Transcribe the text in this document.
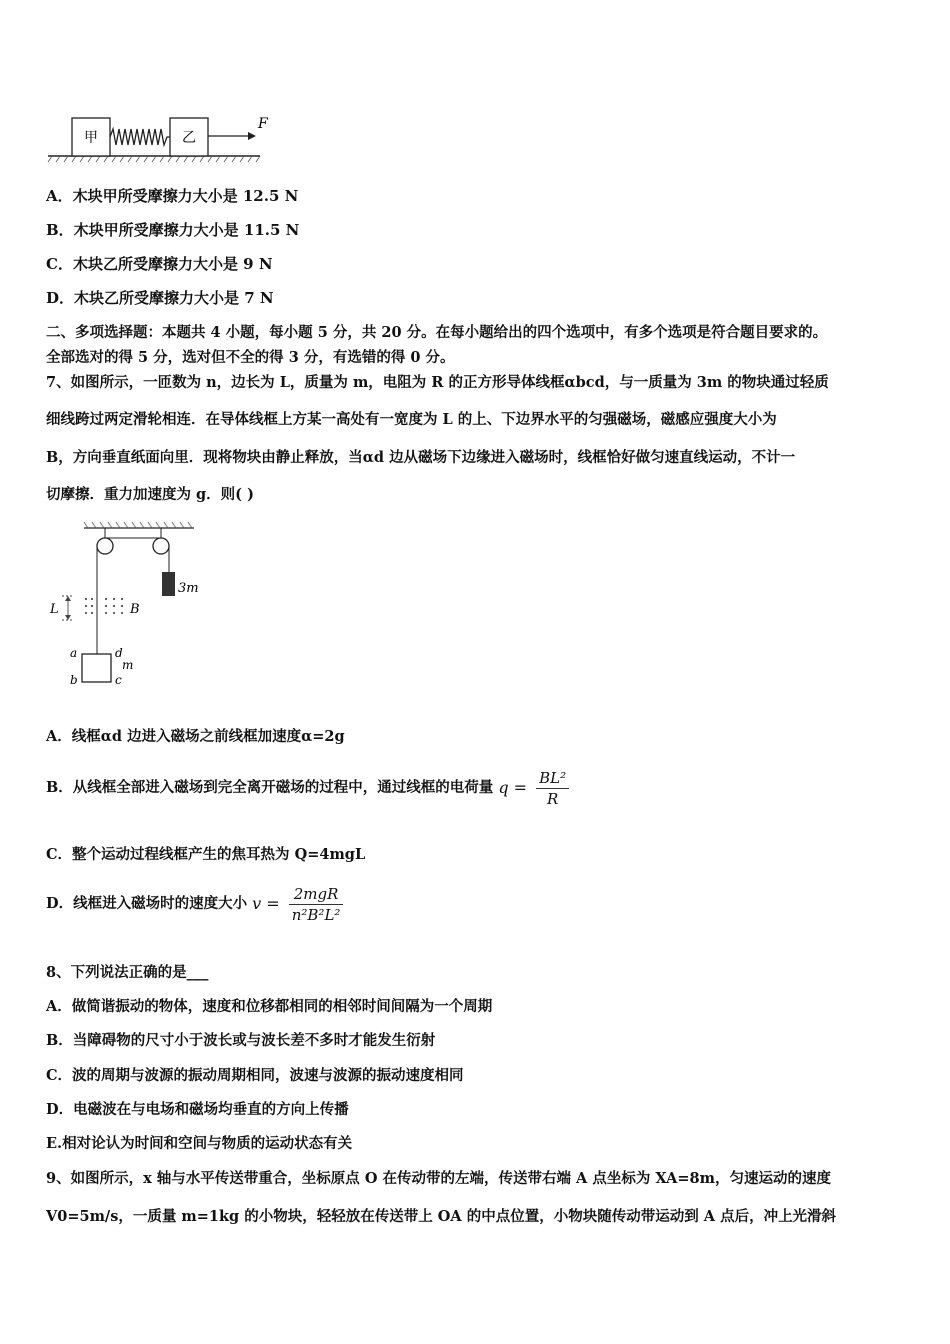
甲	乙
F
A．木块甲所受摩擦力大小是 12.5 N
B．木块甲所受摩擦力大小是 11.5 N
C．木块乙所受摩擦力大小是 9 N
D．木块乙所受摩擦力大小是 7 N
二、多项选择题：本题共 4 小题，每小题 5 分，共 20 分。在每小题给出的四个选项中，有多个选项是符合题目要求的。
全部选对的得 5 分，选对但不全的得 3 分，有选错的得 0 分。
7、如图所示，一匝数为 n，边长为 L，质量为 m，电阻为 R 的正方形导体线框αbcd，与一质量为 3m 的物块通过轻质
细线跨过两定滑轮相连．在导体线框上方某一高处有一宽度为 L 的上、下边界水平的匀强磁场，磁感应强度大小为
B，方向垂直纸面向里．现将物块由静止释放，当αd 边从磁场下边缘进入磁场时，线框恰好做匀速直线运动，不计一
切摩擦．重力加速度为 g．则( )
3m
L	B
a
b	c
d
m
A．线框αd 边进入磁场之前线框加速度α=2g
B．从线框全部进入磁场到完全离开磁场的过程中，通过线框的电荷量 $q = \frac{\text{BL²}}{R}$
C．整个运动过程线框产生的焦耳热为 Q=4mgL
D．线框进入磁场时的速度大小 $v = \frac{\text{2mgR}}{\text{n²B²L²}}$
8、下列说法正确的是___
A．做简谐振动的物体，速度和位移都相同的相邻时间间隔为一个周期
B．当障碍物的尺寸小于波长或与波长差不多时才能发生衍射
C．波的周期与波源的振动周期相同，波速与波源的振动速度相同
D．电磁波在与电场和磁场均垂直的方向上传播
E.相对论认为时间和空间与物质的运动状态有关
9、如图所示，x 轴与水平传送带重合，坐标原点 O 在传动带的左端，传送带右端 A 点坐标为 XA=8m，匀速运动的速度
V0=5m/s，一质量 m=1kg 的小物块，轻轻放在传送带上 OA 的中点位置，小物块随传动带运动到 A 点后，冲上光滑斜
